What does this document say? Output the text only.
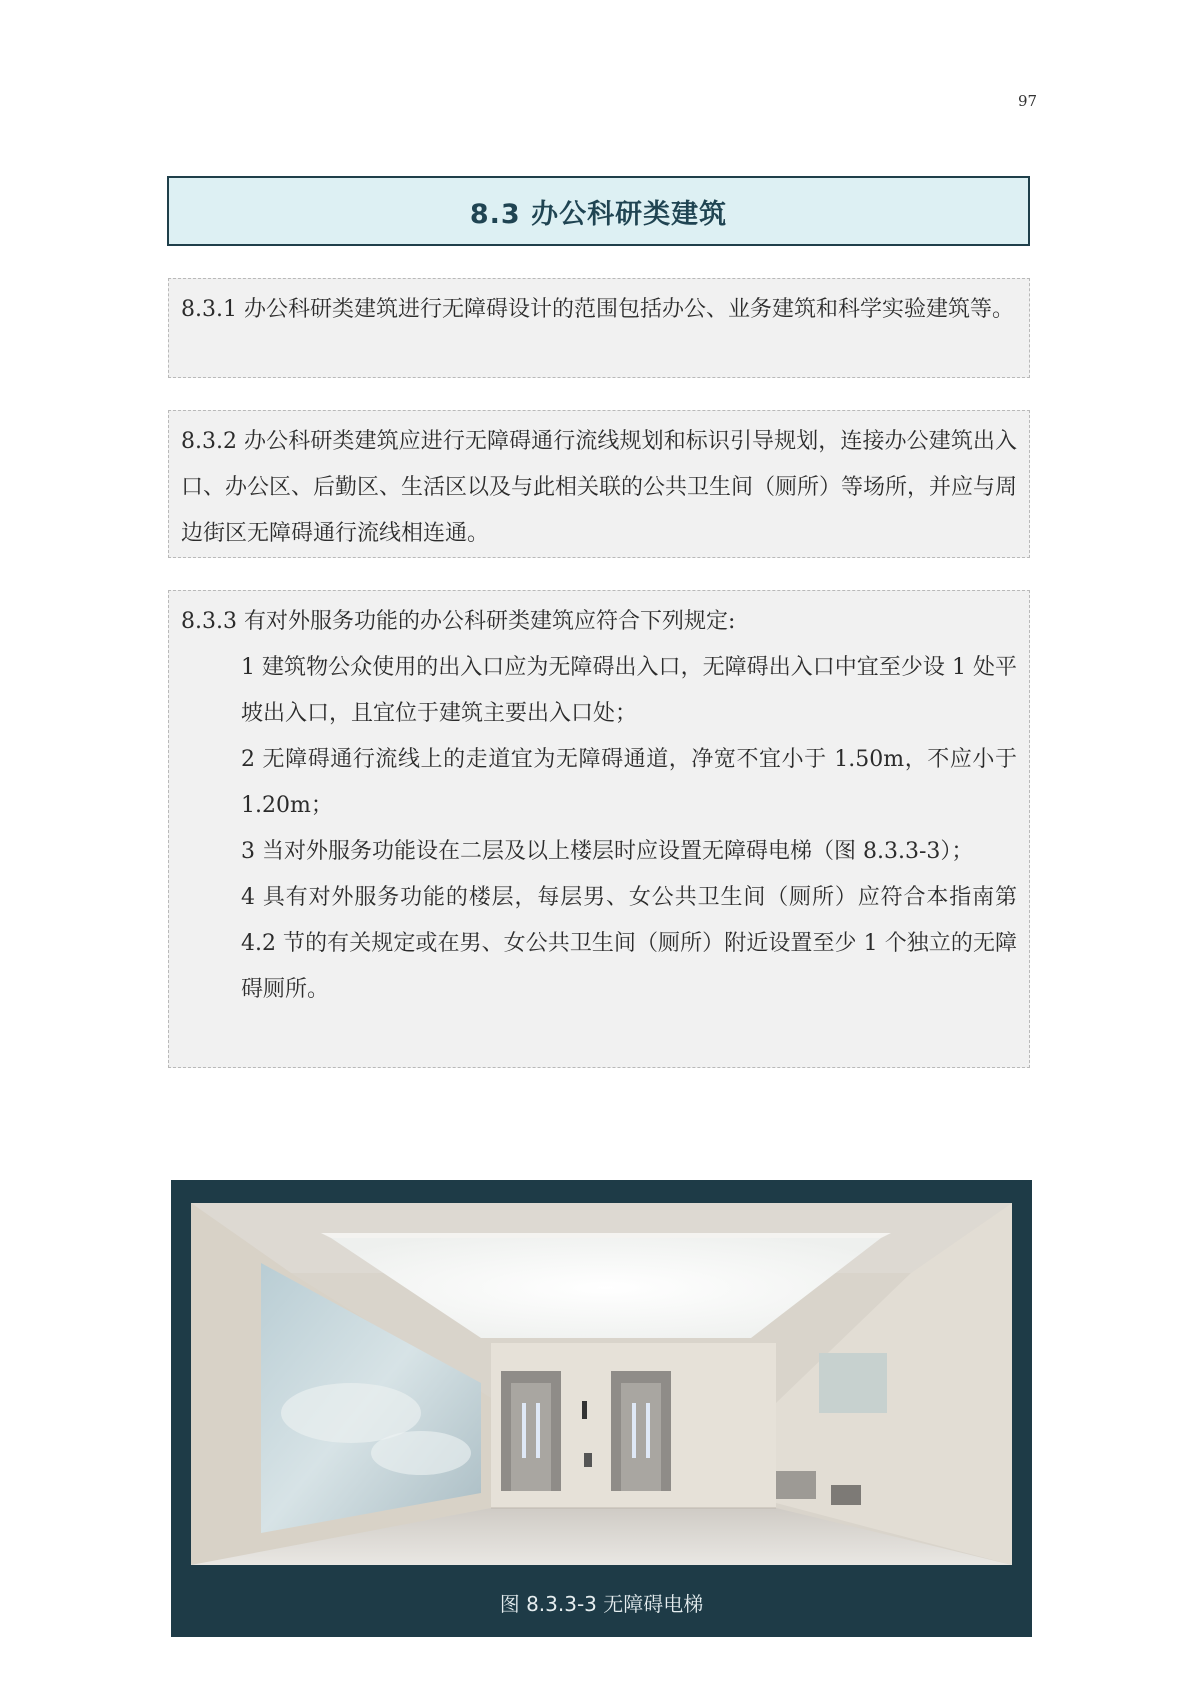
97
8.3 办公科研类建筑

8.3.1 办公科研类建筑进行无障碍设计的范围包括办公、业务建筑和科学实验建筑等。

8.3.2 办公科研类建筑应进行无障碍通行流线规划和标识引导规划，连接办公建筑出入口、办公区、后勤区、生活区以及与此相关联的公共卫生间（厕所）等场所，并应与周边街区无障碍通行流线相连通。

8.3.3 有对外服务功能的办公科研类建筑应符合下列规定:

1 建筑物公众使用的出入口应为无障碍出入口，无障碍出入口中宜至少设 1 处平坡出入口，且宜位于建筑主要出入口处；

2 无障碍通行流线上的走道宜为无障碍通道，净宽不宜小于 1.50m，不应小于 1.20m；

3 当对外服务功能设在二层及以上楼层时应设置无障碍电梯（图 8.3.3-3）；

4 具有对外服务功能的楼层，每层男、女公共卫生间（厕所）应符合本指南第 4.2 节的有关规定或在男、女公共卫生间（厕所）附近设置至少 1 个独立的无障碍厕所。

图 8.3.3-3 无障碍电梯
